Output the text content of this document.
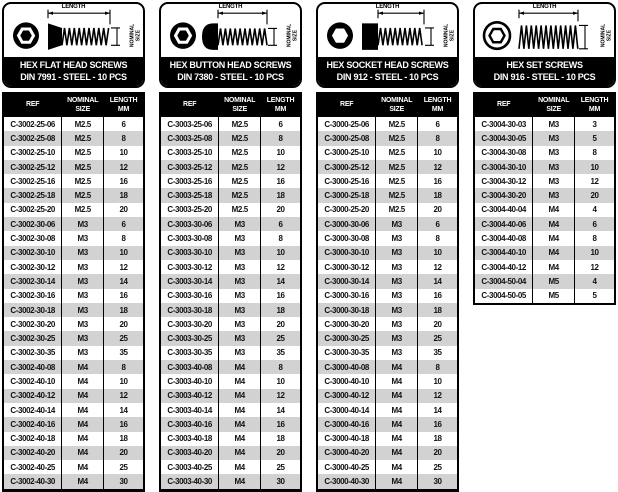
LENGTH
NOMINAL SIZE
HEX FLAT HEAD SCREWS
DIN 7991 - STEEL - 10 PCS
REF
NOMINAL SIZE
LENGTH MM
C-3002-25-06	M2.5	6
C-3002-25-08	M2.5	8
C-3002-25-10	M2.5	10
C-3002-25-12	M2.5	12
C-3002-25-16	M2.5	16
C-3002-25-18	M2.5	18
C-3002-25-20	M2.5	20
C-3002-30-06	M3	6
C-3002-30-08	M3	8
C-3002-30-10	M3	10
C-3002-30-12	M3	12
C-3002-30-14	M3	14
C-3002-30-16	M3	16
C-3002-30-18	M3	18
C-3002-30-20	M3	20
C-3002-30-25	M3	25
C-3002-30-35	M3	35
C-3002-40-08	M4	8
C-3002-40-10	M4	10
C-3002-40-12	M4	12
C-3002-40-14	M4	14
C-3002-40-16	M4	16
C-3002-40-18	M4	18
C-3002-40-20	M4	20
C-3002-40-25	M4	25
C-3002-40-30	M4	30
LENGTH
NOMINAL SIZE
HEX BUTTON HEAD SCREWS
DIN 7380 - STEEL - 10 PCS
REF
NOMINAL SIZE
LENGTH MM
C-3003-25-06	M2.5	6
C-3003-25-08	M2.5	8
C-3003-25-10	M2.5	10
C-3003-25-12	M2.5	12
C-3003-25-16	M2.5	16
C-3003-25-18	M2.5	18
C-3003-25-20	M2.5	20
C-3003-30-06	M3	6
C-3003-30-08	M3	8
C-3003-30-10	M3	10
C-3003-30-12	M3	12
C-3003-30-14	M3	14
C-3003-30-16	M3	16
C-3003-30-18	M3	18
C-3003-30-20	M3	20
C-3003-30-25	M3	25
C-3003-30-35	M3	35
C-3003-40-08	M4	8
C-3003-40-10	M4	10
C-3003-40-12	M4	12
C-3003-40-14	M4	14
C-3003-40-16	M4	16
C-3003-40-18	M4	18
C-3003-40-20	M4	20
C-3003-40-25	M4	25
C-3003-40-30	M4	30
LENGTH
NOMINAL SIZE
HEX SOCKET HEAD SCREWS
DIN 912 - STEEL - 10 PCS
REF
NOMINAL SIZE
LENGTH MM
C-3000-25-06	M2.5	6
C-3000-25-08	M2.5	8
C-3000-25-10	M2.5	10
C-3000-25-12	M2.5	12
C-3000-25-16	M2.5	16
C-3000-25-18	M2.5	18
C-3000-25-20	M2.5	20
C-3000-30-06	M3	6
C-3000-30-08	M3	8
C-3000-30-10	M3	10
C-3000-30-12	M3	12
C-3000-30-14	M3	14
C-3000-30-16	M3	16
C-3000-30-18	M3	18
C-3000-30-20	M3	20
C-3000-30-25	M3	25
C-3000-30-35	M3	35
C-3000-40-08	M4	8
C-3000-40-10	M4	10
C-3000-40-12	M4	12
C-3000-40-14	M4	14
C-3000-40-16	M4	16
C-3000-40-18	M4	18
C-3000-40-20	M4	20
C-3000-40-25	M4	25
C-3000-40-30	M4	30
LENGTH
NOMINAL SIZE
HEX SET SCREWS
DIN 916 - STEEL - 10 PCS
REF
NOMINAL SIZE
LENGTH MM
C-3004-30-03	M3	3
C-3004-30-05	M3	5
C-3004-30-08	M3	8
C-3004-30-10	M3	10
C-3004-30-12	M3	12
C-3004-30-20	M3	20
C-3004-40-04	M4	4
C-3004-40-06	M4	6
C-3004-40-08	M4	8
C-3004-40-10	M4	10
C-3004-40-12	M4	12
C-3004-50-04	M5	4
C-3004-50-05	M5	5
